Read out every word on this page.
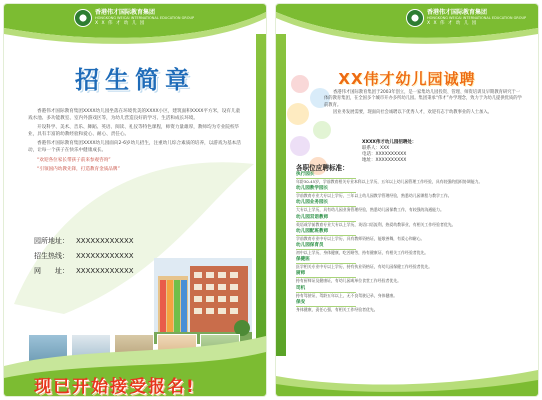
香港伟才国际教育集团
HONGKONG WEICAI INTERNATIONAL EDUCATION GROUP
X X 伟 才 幼 儿 园
招生简章

香港伟才国际教育集团XXXX幼儿园坐落在环境优美的XXXX小区，建筑面积XXXX平方米，设有儿童戏水池、多功能教室、室内外游戏区等，为幼儿营造良好的学习、生活和成长环境。

开设科学、美术、音乐、舞蹈、英语、阅读、礼仪等特色课程，师资力量雄厚，教师均为专业院校毕业，具有丰富的幼教经验和爱心、耐心、责任心。

香港伟才国际教育集团XXXX幼儿园面向2-6岁幼儿招生，注重幼儿综合素质的培养，以游戏为基本活动，让每一个孩子在快乐中健康成长。

“欢迎各位家长带孩子前来参观咨询”

“引领国内幼教先锋，打造教育金质品牌”

园所地址：	XXXXXXXXXXXX
招生热线：	XXXXXXXXXXXX
网　　址：	XXXXXXXXXXXX
现已开始接受报名!
香港伟才国际教育集团
HONGKONG WEICAI INTERNATIONAL EDUCATION GROUP
X X 伟 才 幼 儿 园
XX伟才幼儿园诚聘

香港伟才国际教育集团于2003年创立，是一家集幼儿园投资、管理、师资培训及早期教育研究于一体的教育集团，在全国多个城市开办多所幼儿园。集团秉承“伟才”办学理念，致力于为幼儿提供优质的学前教育。

因业务发展需要，现面向社会诚聘以下优秀人才，欢迎有志于幼教事业的人士加入。

XXXX伟才幼儿园招聘处：
联系人：XXX
电话：XXXXXXXXXX
地址：XXXXXXXXXX
各职位应聘标准：
执行园长
年龄30-45岁，学前教育相关专业本科以上学历，五年以上幼儿园管理工作经验，具有较强的组织协调能力。
幼儿园教学园长
学前教育专业大专以上学历，三年以上幼儿园教学管理经验，熟悉幼儿园课程与教学工作。
幼儿园业务园长
大专以上学历，具有幼儿园业务管理经验，熟悉幼儿园保教工作，有较强的沟通能力。
幼儿园双语教师
英语或学前教育专业大专以上学历，英语口语流利，热爱幼教事业，有相关工作经验者优先。
幼儿园配班教师
学前教育专业中专以上学历，具有教师资格证，能歌善舞，有爱心和耐心。
幼儿园保育员
初中以上学历，身体健康，吃苦耐劳，持有健康证，有相关工作经验者优先。
保健医
医学相关专业中专以上学历，持有执业资格证，有幼儿园保健工作经验者优先。
厨师
持有厨师证及健康证，有幼儿园或单位食堂工作经验者优先。
司机
持有驾驶证，驾龄五年以上，无不良驾驶记录，身体健康。
保安
身体健康，责任心强，有相关工作经验者优先。
